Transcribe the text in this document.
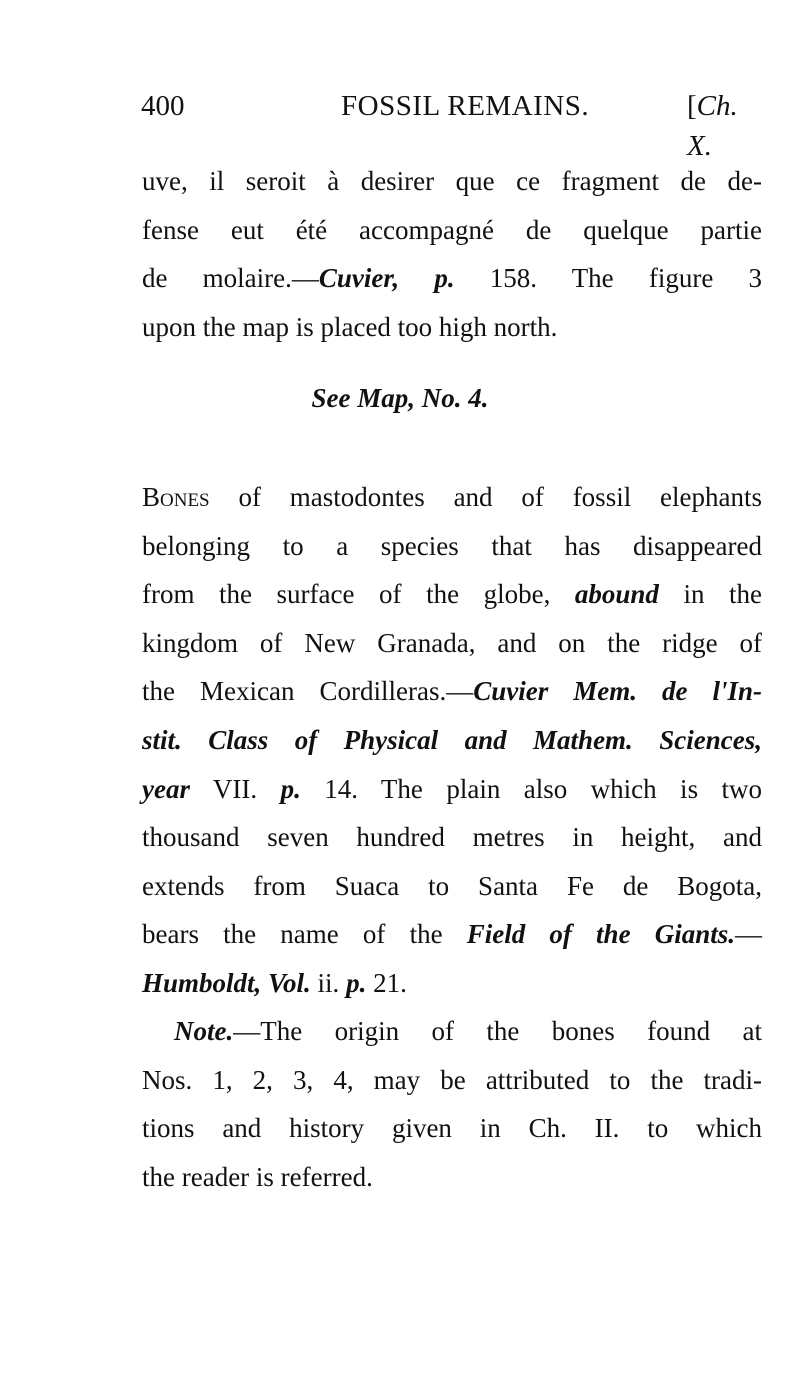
400	FOSSIL REMAINS.	[Ch. X.
uve, il seroit à desirer que ce fragment de de-
fense eut été accompagné de quelque partie
de molaire.—Cuvier, p. 158. The figure 3
upon the map is placed too high north.
See Map, No. 4.
Bones of mastodontes and of fossil elephants
belonging to a species that has disappeared
from the surface of the globe, abound in the
kingdom of New Granada, and on the ridge of
the Mexican Cordilleras.—Cuvier Mem. de l'In-
stit. Class of Physical and Mathem. Sciences,
year VII. p. 14. The plain also which is two
thousand seven hundred metres in height, and
extends from Suaca to Santa Fe de Bogota,
bears the name of the Field of the Giants.—
Humboldt, Vol. ii. p. 21.
Note.—The origin of the bones found at
Nos. 1, 2, 3, 4, may be attributed to the tradi-
tions and history given in Ch. II. to which
the reader is referred.
